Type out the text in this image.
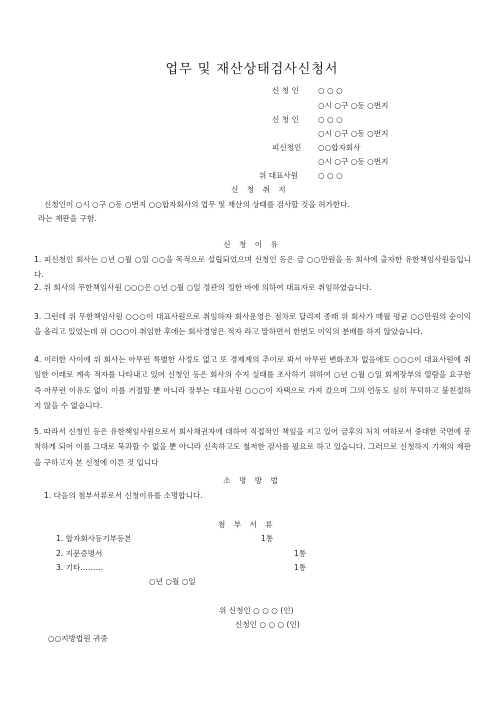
업무 및 재산상태검사신청서
신 청 인	○ ○ ○
○시 ○구 ○동 ○번지
신 청 인	○ ○ ○
○시 ○구 ○동 ○번지
피신청인 ○○합자회사
○시 ○구 ○동 ○번지
위 대표사원	○ ○ ○
신 청 취 지
신청인이 ○시 ○구 ○동 ○번지 ○○합자회사의 업무 및 재산의 상태를 검사할 것을 허가한다.
라는 재판을 구함.
신 청 이 유
1. 피신청인 회사는 ○년 ○월 ○일 ○○을 목적으로 설립되었으며 신청인 등은 금 ○○만원을 동 회사에 출자한 유한책임사원들입니다.
2. 위 회사의 무한책임사원 ○○○은 ○년 ○월 ○일 정관의 정한 바에 의하여 대표자로 취임하였습니다.
3. 그런데 위 무한책임사원 ○○○이 대표사원으로 취임하자 회사운영은 점차로 달리져 종래 위 회사가 매월 평균 ○○만원의 순이익을 올리고 있었는데 위 ○○○이 취임한 후에는 회사경영은 적자 라고 말하면서 한번도 이익의 분배를 하지 않았습니다.
4. 이러한 사이에 위 회사는 아무런 특별한 사정도 없고 또 경제계의 추이로 봐서 아무런 변화조차 없음에도 ○○○이 대표사원에 취임한 이래로 계속 적자를 나타내고 있어 신청인 등은 회사의 수지 실태를 조사하기 위하여 ○년 ○월 ○일 회계장부의 열람을 요구한 즉 아무런 이유도 없이 이를 거절할 뿐 아니라 장부는 대표사원 ○○○이 자택으로 가져 갔으며 그의 언동도 심히 무덕하고 불친절하지 않을 수 없습니다.
5. 따라서 신청인 등은 유한책임사원으로서 회사채권자에 대하여 직접적인 책임을 지고 있어 금후의 처치 여하로서 중대한 국면에 봉착하게 되어 이를 그대로 묵과할 수 없을 뿐 아니라 신속하고도 철저한 검사를 필요로 하고 있습니다. 그러므로 신청하지 기재의 재판을 구하고자 본 신청에 이른 것 입니다
소 명 방 법
1. 다음의 첨부서류로서 신청이유를 소명합니다.
첨 부 서 류
1. 합자회사등기부등본	1통
2. 지문증명서	1통
3. 기타………	1통
○년 ○월 ○일
위 신청인 ○ ○ ○ (인)
신청인 ○ ○ ○ (인)
○○지방법원 귀중
